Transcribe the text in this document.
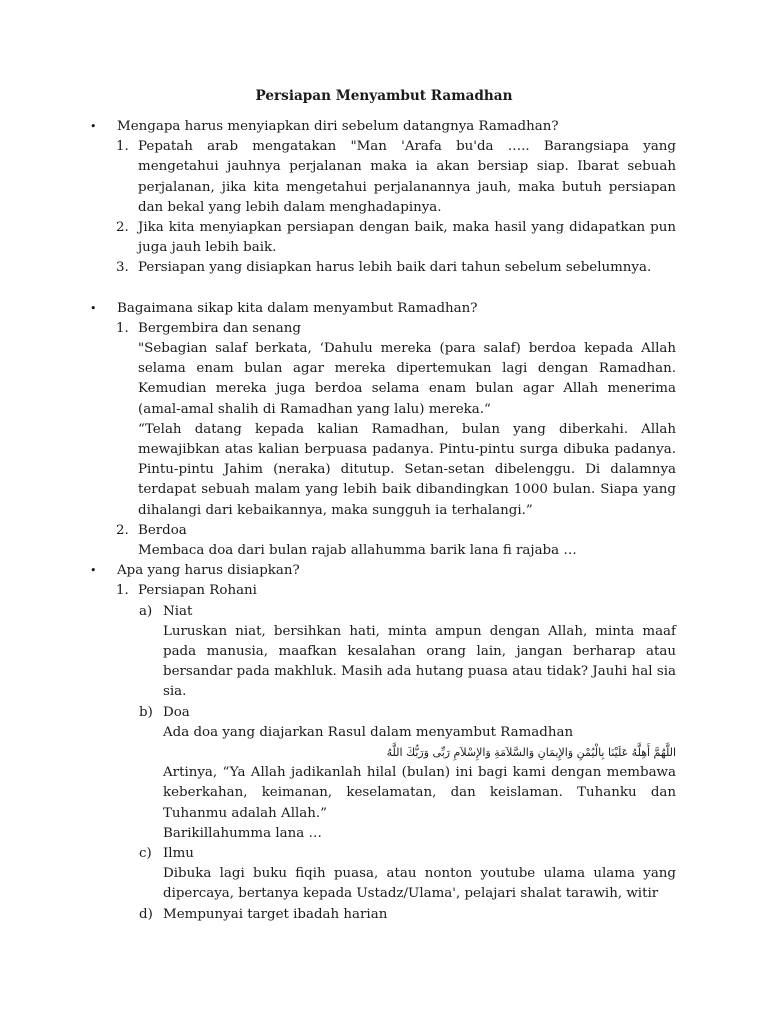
Persiapan Menyambut Ramadhan
• Mengapa harus menyiapkan diri sebelum datangnya Ramadhan?
1. Pepatah arab mengatakan "Man 'Arafa bu'da ….. Barangsiapa yang mengetahui jauhnya perjalanan maka ia akan bersiap siap. Ibarat sebuah perjalanan, jika kita mengetahui perjalanannya jauh, maka butuh persiapan dan bekal yang lebih dalam menghadapinya.
2. Jika kita menyiapkan persiapan dengan baik, maka hasil yang didapatkan pun juga jauh lebih baik.
3. Persiapan yang disiapkan harus lebih baik dari tahun sebelum sebelumnya.
• Bagaimana sikap kita dalam menyambut Ramadhan?
1. Bergembira dan senang
"Sebagian salaf berkata, ‘Dahulu mereka (para salaf) berdoa kepada Allah selama enam bulan agar mereka dipertemukan lagi dengan Ramadhan. Kemudian mereka juga berdoa selama enam bulan agar Allah menerima (amal-amal shalih di Ramadhan yang lalu) mereka.“
“Telah datang kepada kalian Ramadhan, bulan yang diberkahi. Allah mewajibkan atas kalian berpuasa padanya. Pintu-pintu surga dibuka padanya. Pintu-pintu Jahim (neraka) ditutup. Setan-setan dibelenggu. Di dalamnya terdapat sebuah malam yang lebih baik dibandingkan 1000 bulan. Siapa yang dihalangi dari kebaikannya, maka sungguh ia terhalangi.”
2. Berdoa
Membaca doa dari bulan rajab allahumma barik lana fi rajaba …
• Apa yang harus disiapkan?
1. Persiapan Rohani
a) Niat
Luruskan niat, bersihkan hati, minta ampun dengan Allah, minta maaf pada manusia, maafkan kesalahan orang lain, jangan berharap atau bersandar pada makhluk. Masih ada hutang puasa atau tidak? Jauhi hal sia sia.
b) Doa
Ada doa yang diajarkan Rasul dalam menyambut Ramadhan
اللَّهُمَّ أَهِلَّهُ عَلَيْنَا بِالْيُمْنِ وَالإِيمَانِ وَالسَّلاَمَةِ وَالإِسْلاَمِ رَبِّى وَرَبُّكَ اللَّهُ
Artinya, “Ya Allah jadikanlah hilal (bulan) ini bagi kami dengan membawa keberkahan, keimanan, keselamatan, dan keislaman. Tuhanku dan Tuhanmu adalah Allah.”
Barikillahumma lana …
c) Ilmu
Dibuka lagi buku fiqih puasa, atau nonton youtube ulama ulama yang dipercaya, bertanya kepada Ustadz/Ulama', pelajari shalat tarawih, witir
d) Mempunyai target ibadah harian
